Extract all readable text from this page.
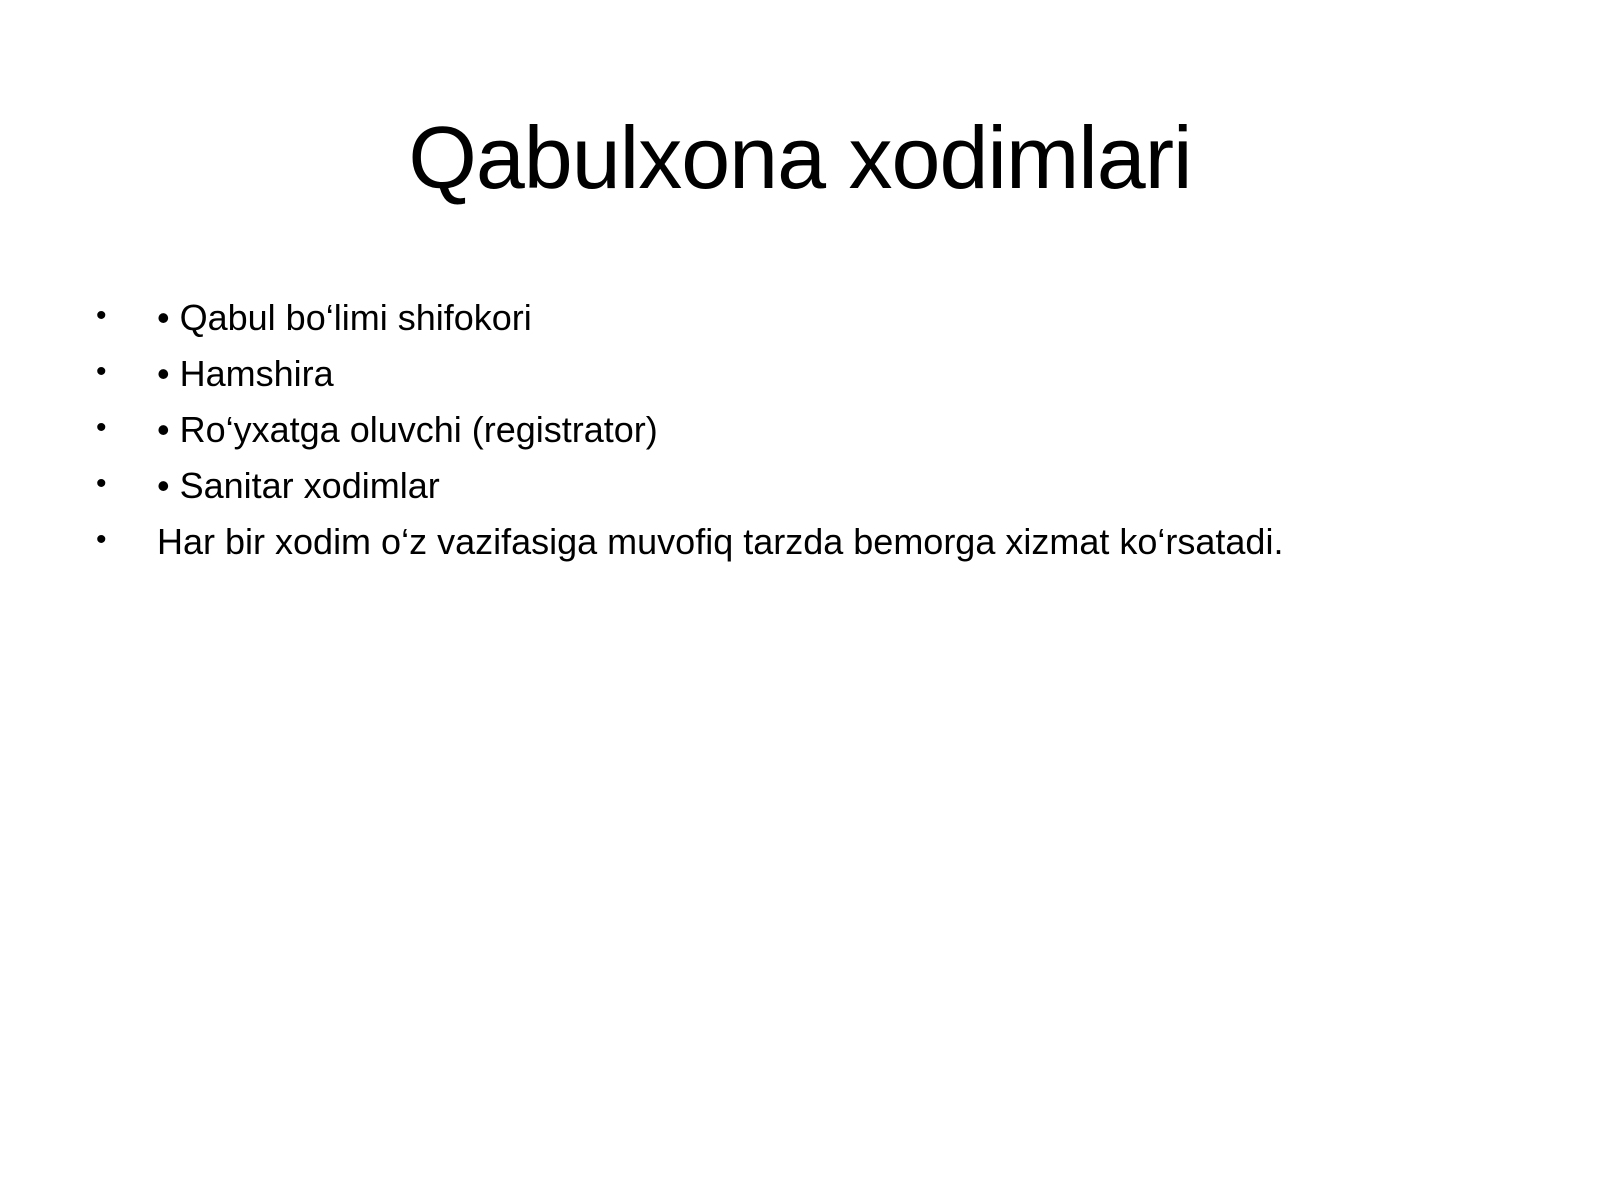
Qabulxona xodimlari
• • Qabul bo‘limi shifokori
• • Hamshira
• • Ro‘yxatga oluvchi (registrator)
• • Sanitar xodimlar
• Har bir xodim o‘z vazifasiga muvofiq tarzda bemorga xizmat ko‘rsatadi.
